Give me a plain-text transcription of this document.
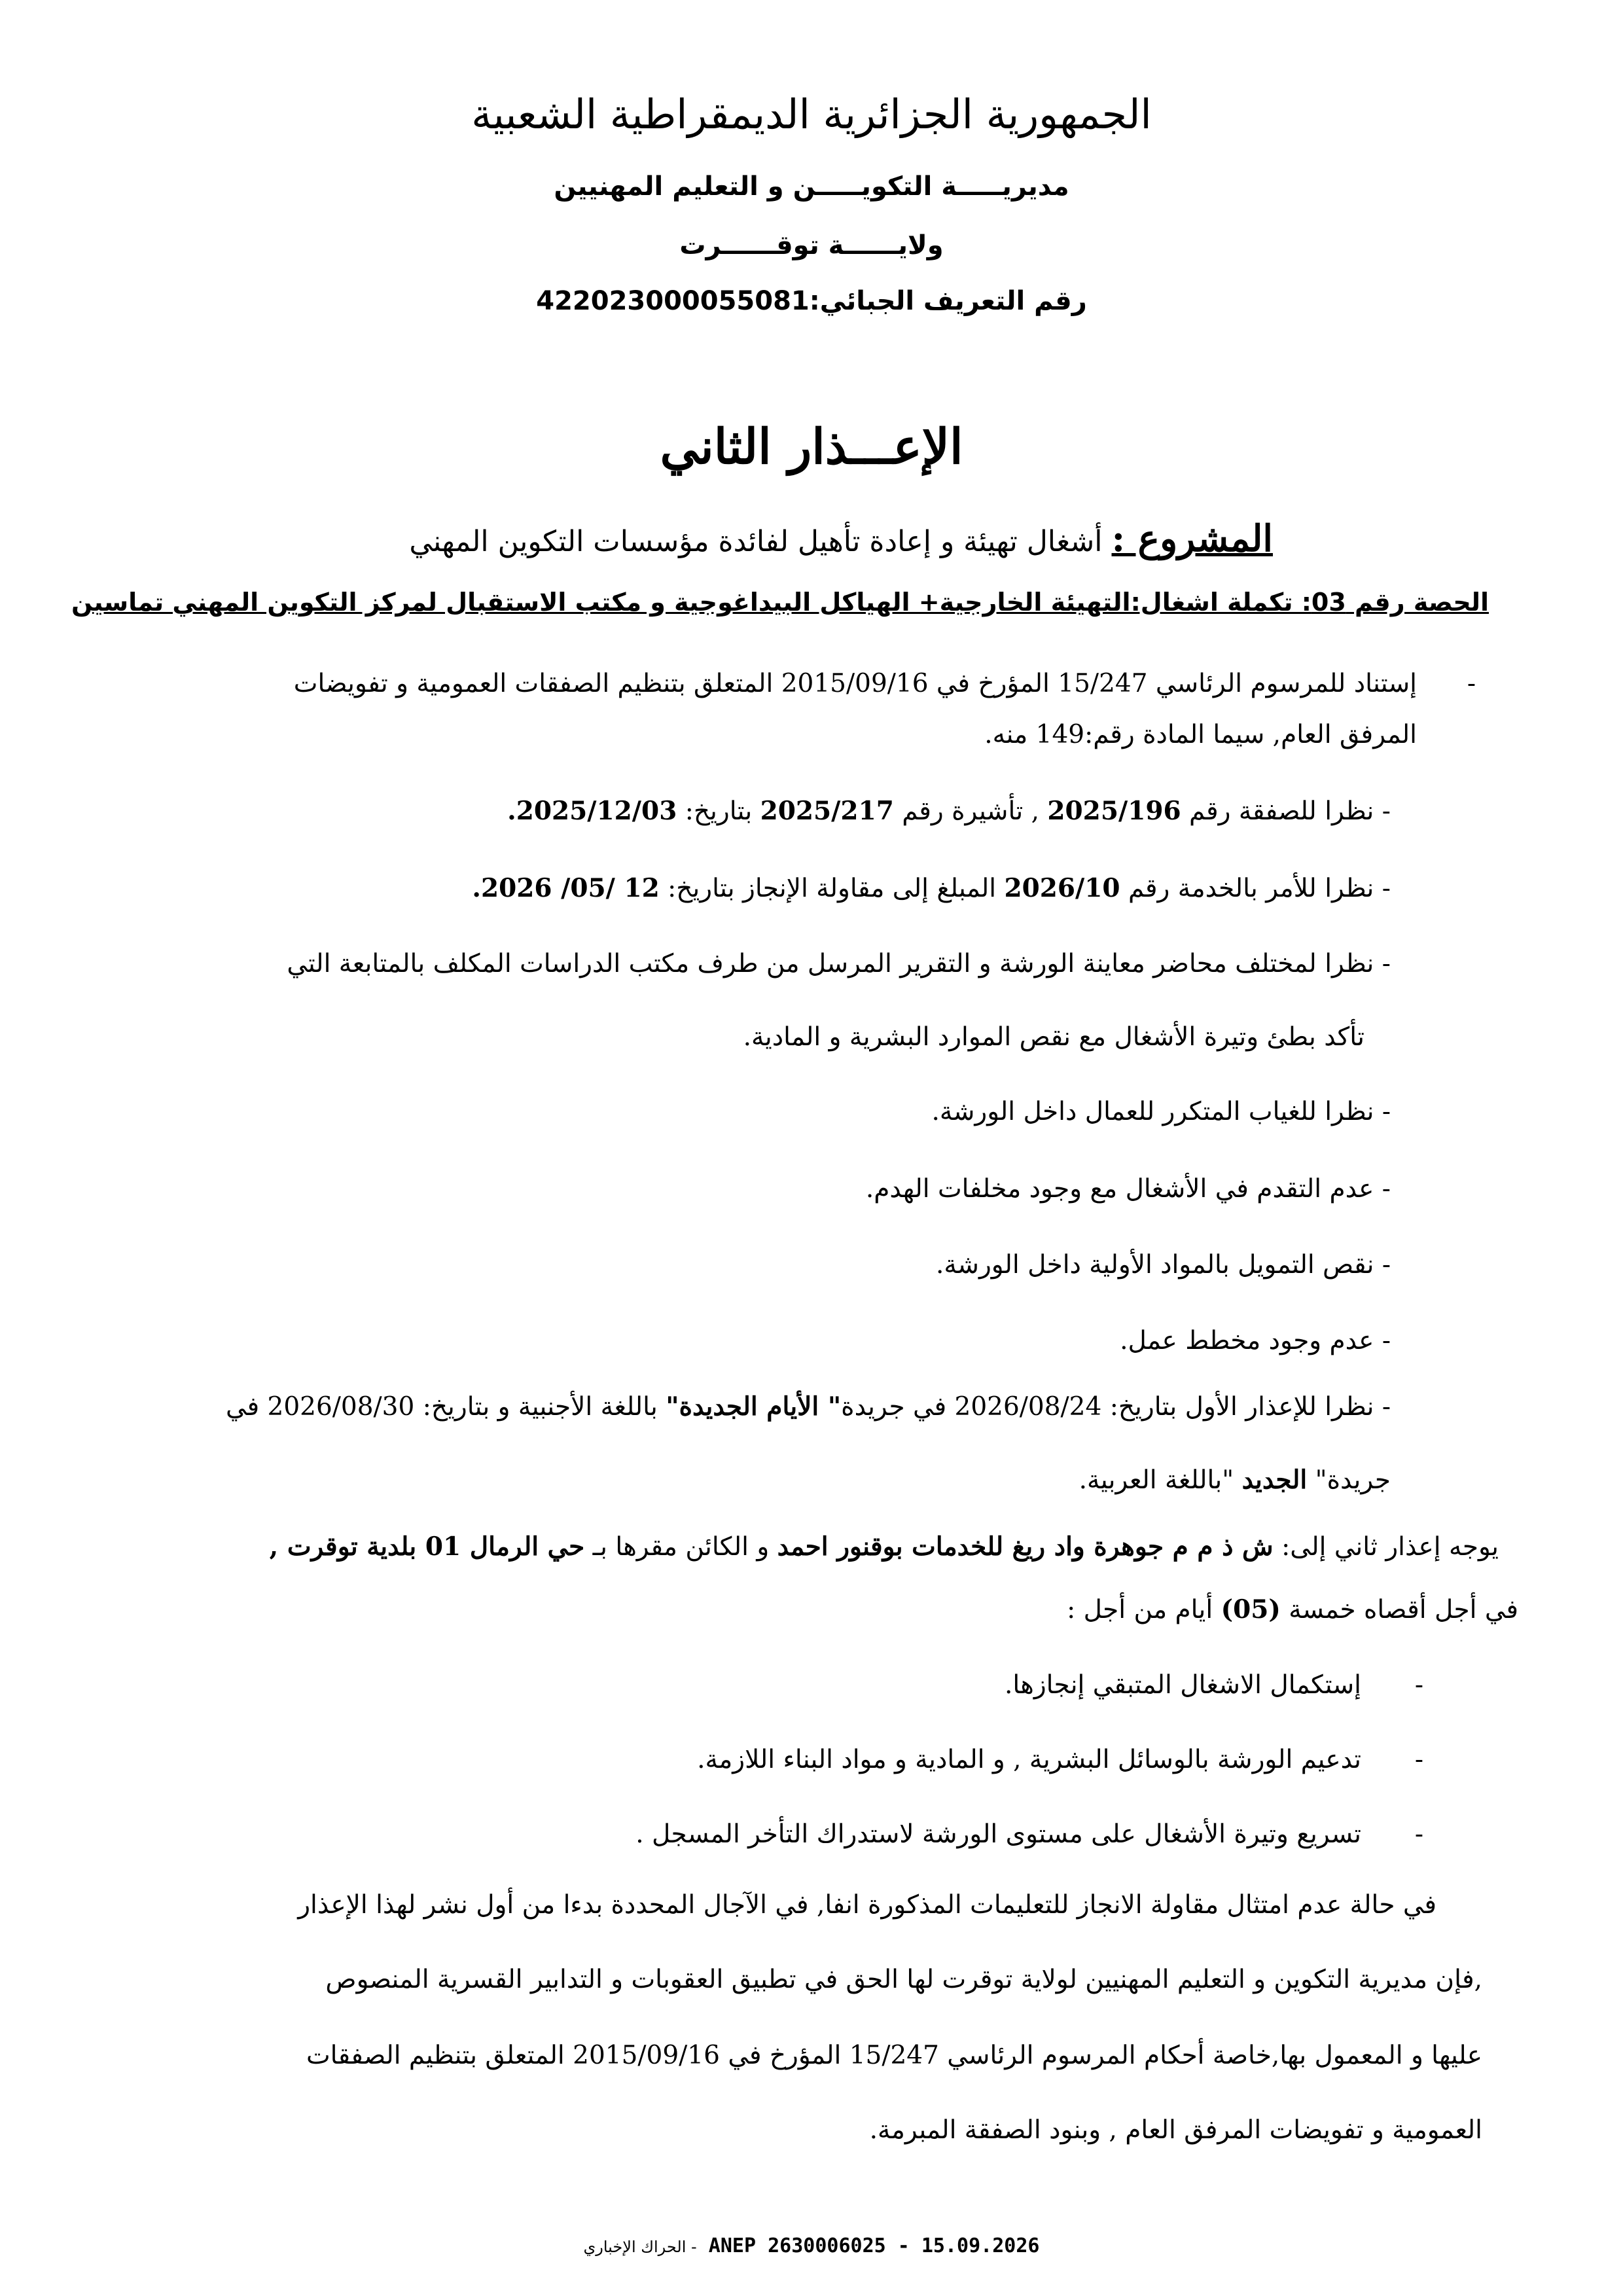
الجمهورية الجزائرية الديمقراطية الشعبية
مديريـــــة التكويـــــن و التعليم المهنيين
ولايــــــة توقــــــرت
رقم التعريف الجبائي:422023000055081
الإعـــذار الثاني
المشروع : أشغال تهيئة و إعادة تأهيل لفائدة مؤسسات التكوين المهني
الحصة رقم 03: تكملة اشغال:التهيئة الخارجية+ الهياكل البيداغوجية و مكتب الاستقبال لمركز التكوين المهني تماسين
-
إستناد للمرسوم الرئاسي 15/247 المؤرخ في 2015/09/16 المتعلق بتنظيم الصفقات العمومية و تفويضات
المرفق العام, سيما المادة رقم:149 منه.
- نظرا للصفقة رقم 2025/196 , تأشيرة رقم 2025/217 بتاريخ: 2025/12/03.
- نظرا للأمر بالخدمة رقم 2026/10 المبلغ إلى مقاولة الإنجاز بتاريخ: 12 /05/ 2026.
- نظرا لمختلف محاضر معاينة الورشة و التقرير المرسل من طرف مكتب الدراسات المكلف بالمتابعة التي
تأكد بطئ وتيرة الأشغال مع نقص الموارد البشرية و المادية.
- نظرا للغياب المتكرر للعمال داخل الورشة.
- عدم التقدم في الأشغال مع وجود مخلفات الهدم.
- نقص التمويل بالمواد الأولية داخل الورشة.
- عدم وجود مخطط عمل.
- نظرا للإعذار الأول بتاريخ: 2026/08/24 في جريدة" الأيام الجديدة" باللغة الأجنبية و بتاريخ: 2026/08/30 في
جريدة" الجديد "باللغة العربية.
يوجه إعذار ثاني إلى: ش ذ م م جوهرة واد ريغ للخدمات بوقنور احمد و الكائن مقرها بـ حي الرمال 01 بلدية توقرت ,
في أجل أقصاه خمسة (05) أيام من أجل :
-
إستكمال الاشغال المتبقي إنجازها.
-
تدعيم الورشة بالوسائل البشرية , و المادية و مواد البناء اللازمة.
-
تسريع وتيرة الأشغال على مستوى الورشة لاستدراك التأخر المسجل .
في حالة عدم امتثال مقاولة الانجاز للتعليمات المذكورة انفا, في الآجال المحددة بدءا من أول نشر لهذا الإعذار
,فإن مديرية التكوين و التعليم المهنيين لولاية توقرت لها الحق في تطبيق العقوبات و التدابير القسرية المنصوص
عليها و المعمول بها,خاصة أحكام المرسوم الرئاسي 15/247 المؤرخ في 2015/09/16 المتعلق بتنظيم الصفقات
العمومية و تفويضات المرفق العام , وبنود الصفقة المبرمة.
ANEP 2630006025 - 15.09.2026 - الحراك الإخباري
